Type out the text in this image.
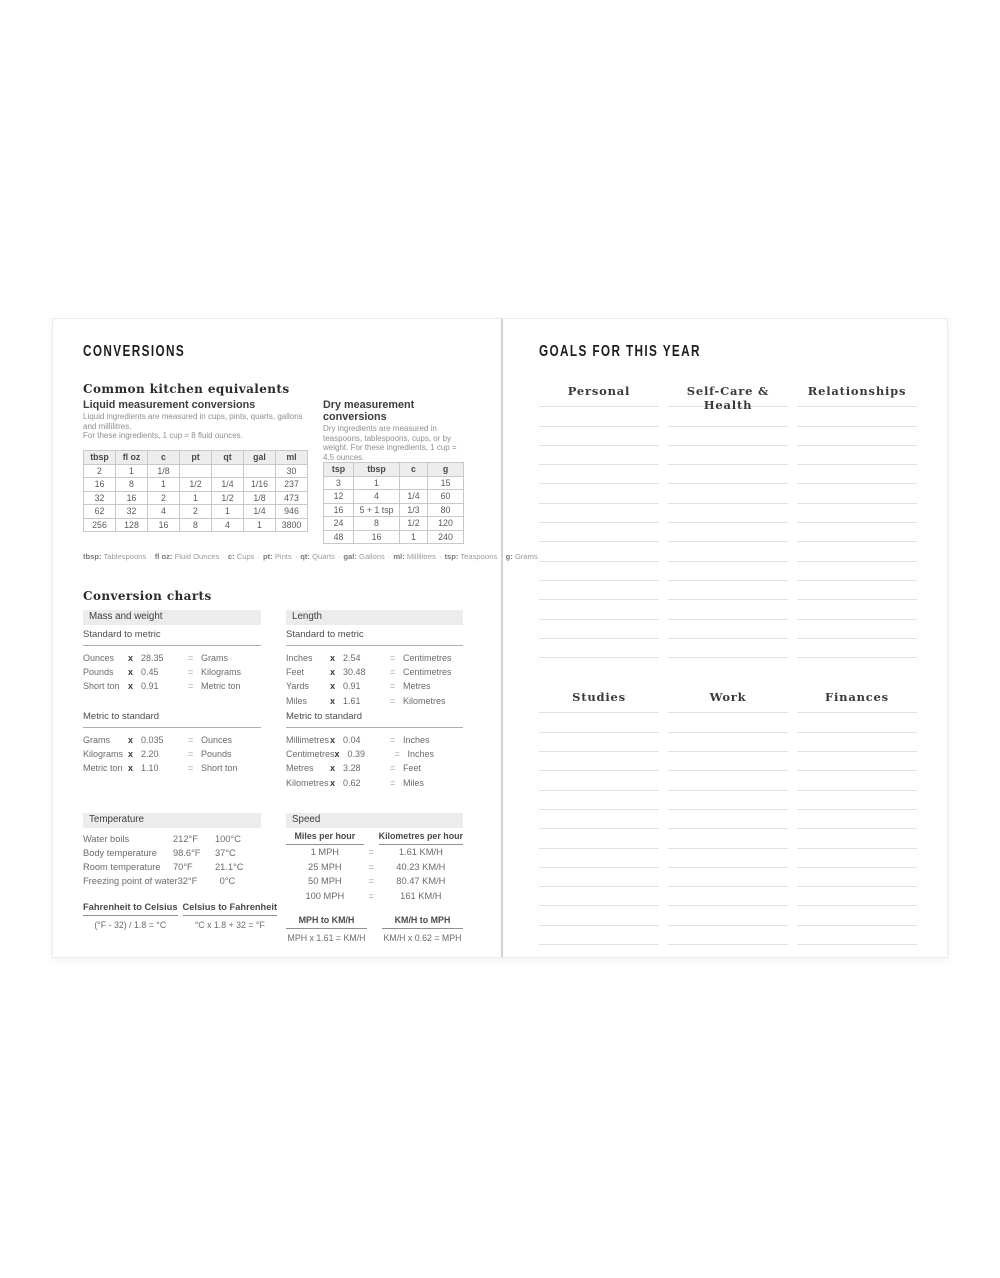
CONVERSIONS
Common kitchen equivalents
Liquid measurement conversions
Liquid ingredients are measured in cups, pints, quarts, gallons and millilitres.
For these ingredients, 1 cup = 8 fluid ounces.
tbsp	fl oz	c	pt	qt	gal	ml
2	1	1/8				30
16	8	1	1/2	1/4	1/16	237
32	16	2	1	1/2	1/8	473
62	32	4	2	1	1/4	946
256	128	16	8	4	1	3800
Dry measurement conversions
Dry ingredients are measured in teaspoons, tablespoons, cups, or by weight. For these ingredients, 1 cup = 4.5 ounces.
tsp	tbsp	c	g
3	1		15
12	4	1/4	60
16	5 + 1 tsp	1/3	80
24	8	1/2	120
48	16	1	240
tbsp: Tablespoons · fl oz: Fluid Ounces · c: Cups · pt: Pints · qt: Quarts · gal: Gallons · ml: Millilitres · tsp: Teaspoons · g: Grams
Conversion charts
Mass and weight
Standard to metric
Ounces	x 28.35	= Grams
Pounds	x 0.45	= Kilograms
Short ton x 0.91	= Metric ton
Metric to standard
Grams	x 0.035	= Ounces
Kilograms x 2.20	= Pounds
Metric ton x 1.10	= Short ton
Length
Standard to metric
Inches	x 2.54	= Centimetres
Feet	x 30.48	= Centimetres
Yards	x 0.91	= Metres
Miles	x 1.61	= Kilometres
Metric to standard
Millimetres x 0.04	= Inches
Centimetres x 0.39	= Inches
Metres	x 3.28	= Feet
Kilometres x 0.62	= Miles
Temperature
Water boils	212°F	100°C
Body temperature	98.6°F	37°C
Room temperature	70°F	21.1°C
Freezing point of water 32°F	0°C
Fahrenheit to Celsius
(°F - 32) / 1.8 = °C
Celsius to Fahrenheit
°C x 1.8 + 32 = °F
Speed
Miles per hour	Kilometres per hour
1 MPH	=	1.61 KM/H
25 MPH	=	40.23 KM/H
50 MPH	=	80.47 KM/H
100 MPH	=	161 KM/H
MPH to KM/H	KM/H to MPH
MPH x 1.61 = KM/H KM/H x 0.62 = MPH
GOALS FOR THIS YEAR
Personal	Self-Care & Health
Relationships
Studies	Work	Finances
